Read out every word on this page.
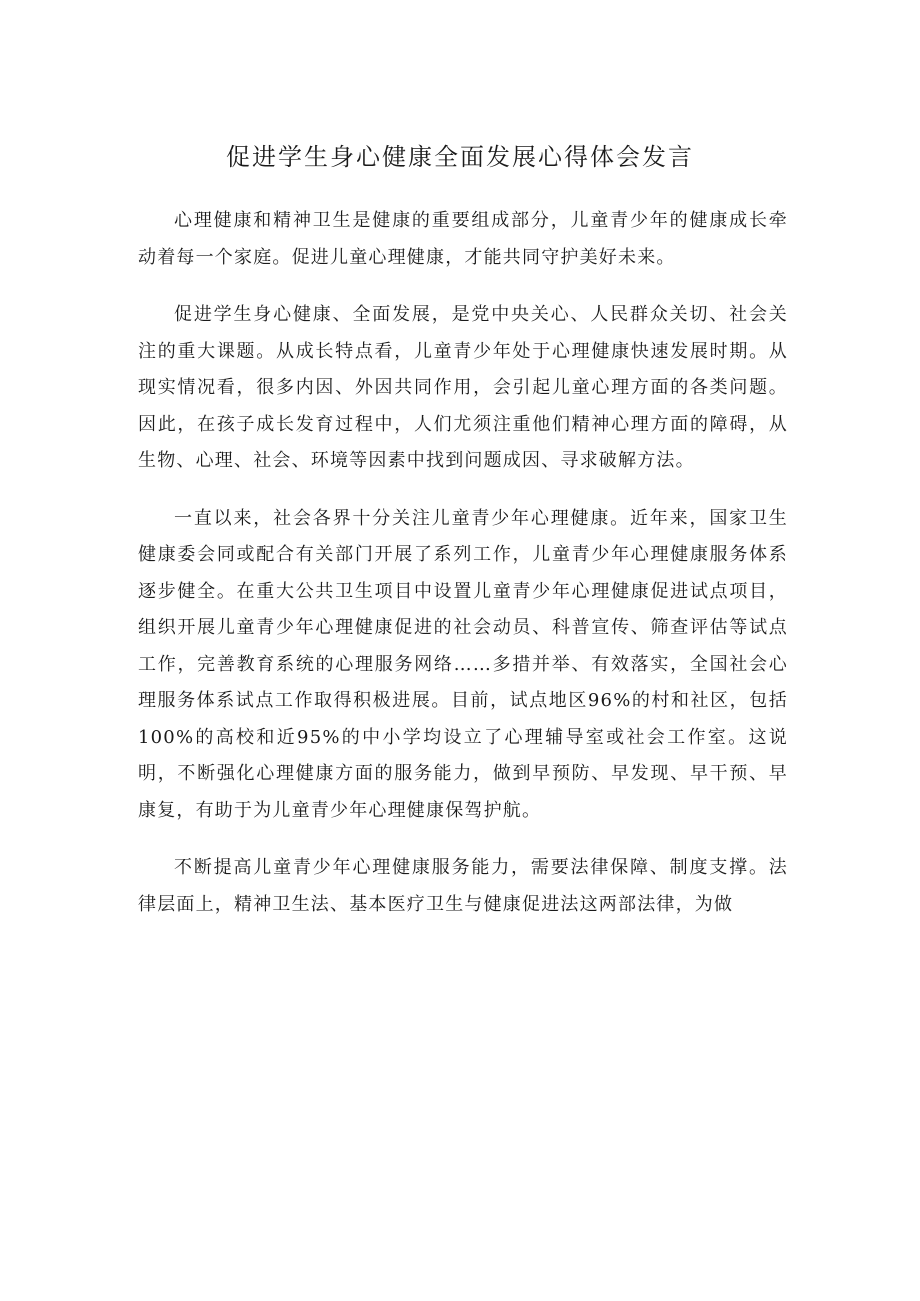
促进学生身心健康全面发展心得体会发言

心理健康和精神卫生是健康的重要组成部分，儿童青少年的健康成长牵动着每一个家庭。促进儿童心理健康，才能共同守护美好未来。

促进学生身心健康、全面发展，是党中央关心、人民群众关切、社会关注的重大课题。从成长特点看，儿童青少年处于心理健康快速发展时期。从现实情况看，很多内因、外因共同作用，会引起儿童心理方面的各类问题。因此，在孩子成长发育过程中，人们尤须注重他们精神心理方面的障碍，从生物、心理、社会、环境等因素中找到问题成因、寻求破解方法。

一直以来，社会各界十分关注儿童青少年心理健康。近年来，国家卫生健康委会同或配合有关部门开展了系列工作，儿童青少年心理健康服务体系逐步健全。在重大公共卫生项目中设置儿童青少年心理健康促进试点项目，组织开展儿童青少年心理健康促进的社会动员、科普宣传、筛查评估等试点工作，完善教育系统的心理服务网络……多措并举、有效落实，全国社会心理服务体系试点工作取得积极进展。目前，试点地区96%的村和社区，包括100%的高校和近95%的中小学均设立了心理辅导室或社会工作室。这说明，不断强化心理健康方面的服务能力，做到早预防、早发现、早干预、早康复，有助于为儿童青少年心理健康保驾护航。

不断提高儿童青少年心理健康服务能力，需要法律保障、制度支撑。法律层面上，精神卫生法、基本医疗卫生与健康促进法这两部法律，为做
